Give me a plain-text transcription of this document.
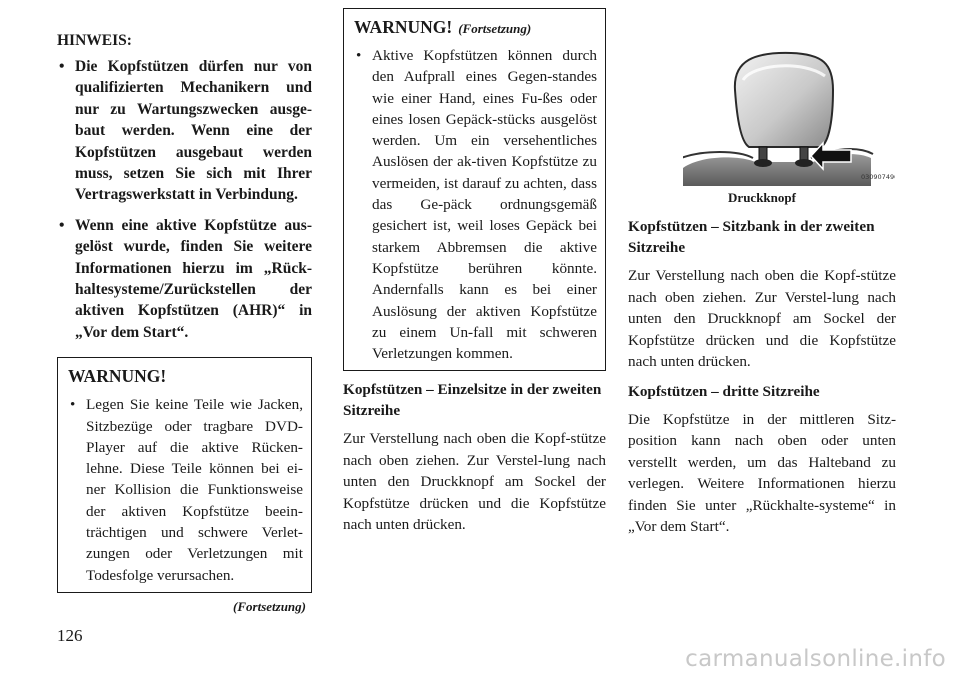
HINWEIS:
• Die Kopfstützen dürfen nur von qualifizierten Mechanikern und nur zu Wartungszwecken ausge-baut werden. Wenn eine der Kopfstützen ausgebaut werden muss, setzen Sie sich mit Ihrer Vertragswerkstatt in Verbindung.
• Wenn eine aktive Kopfstütze aus-gelöst wurde, finden Sie weitere Informationen hierzu im „Rück-haltesysteme/Zurückstellen der aktiven Kopfstützen (AHR)“ in „Vor dem Start“.
WARNUNG!
• Legen Sie keine Teile wie Jacken, Sitzbezüge oder tragbare DVD-Player auf die aktive Rücken-lehne. Diese Teile können bei ei-ner Kollision die Funktionsweise der aktiven Kopfstütze beein-trächtigen und schwere Verlet-zungen oder Verletzungen mit Todesfolge verursachen.
(Fortsetzung)
WARNUNG! (Fortsetzung)
• Aktive Kopfstützen können durch den Aufprall eines Gegen-standes wie einer Hand, eines Fu-ßes oder eines losen Gepäck-stücks ausgelöst werden. Um ein versehentliches Auslösen der ak-tiven Kopfstütze zu vermeiden, ist darauf zu achten, dass das Ge-päck ordnungsgemäß gesichert ist, weil loses Gepäck bei starkem Abbremsen die aktive Kopfstütze berühren könnte. Andernfalls kann es bei einer Auslösung der aktiven Kopfstütze zu einem Un-fall mit schweren Verletzungen kommen.
Kopfstützen – Einzelsitze in der zweiten Sitzreihe
Zur Verstellung nach oben die Kopf-stütze nach oben ziehen. Zur Verstel-lung nach unten den Druckknopf am Sockel der Kopfstütze drücken und die Kopfstütze nach unten drücken.
030907490
Druckknopf
Kopfstützen – Sitzbank in der zweiten Sitzreihe
Zur Verstellung nach oben die Kopf-stütze nach oben ziehen. Zur Verstel-lung nach unten den Druckknopf am Sockel der Kopfstütze drücken und die Kopfstütze nach unten drücken.
Kopfstützen – dritte Sitzreihe
Die Kopfstütze in der mittleren Sitz-position kann nach oben oder unten verstellt werden, um das Halteband zu verlegen. Weitere Informationen hierzu finden Sie unter „Rückhalte-systeme“ in „Vor dem Start“.
126
carmanualsonline.info
